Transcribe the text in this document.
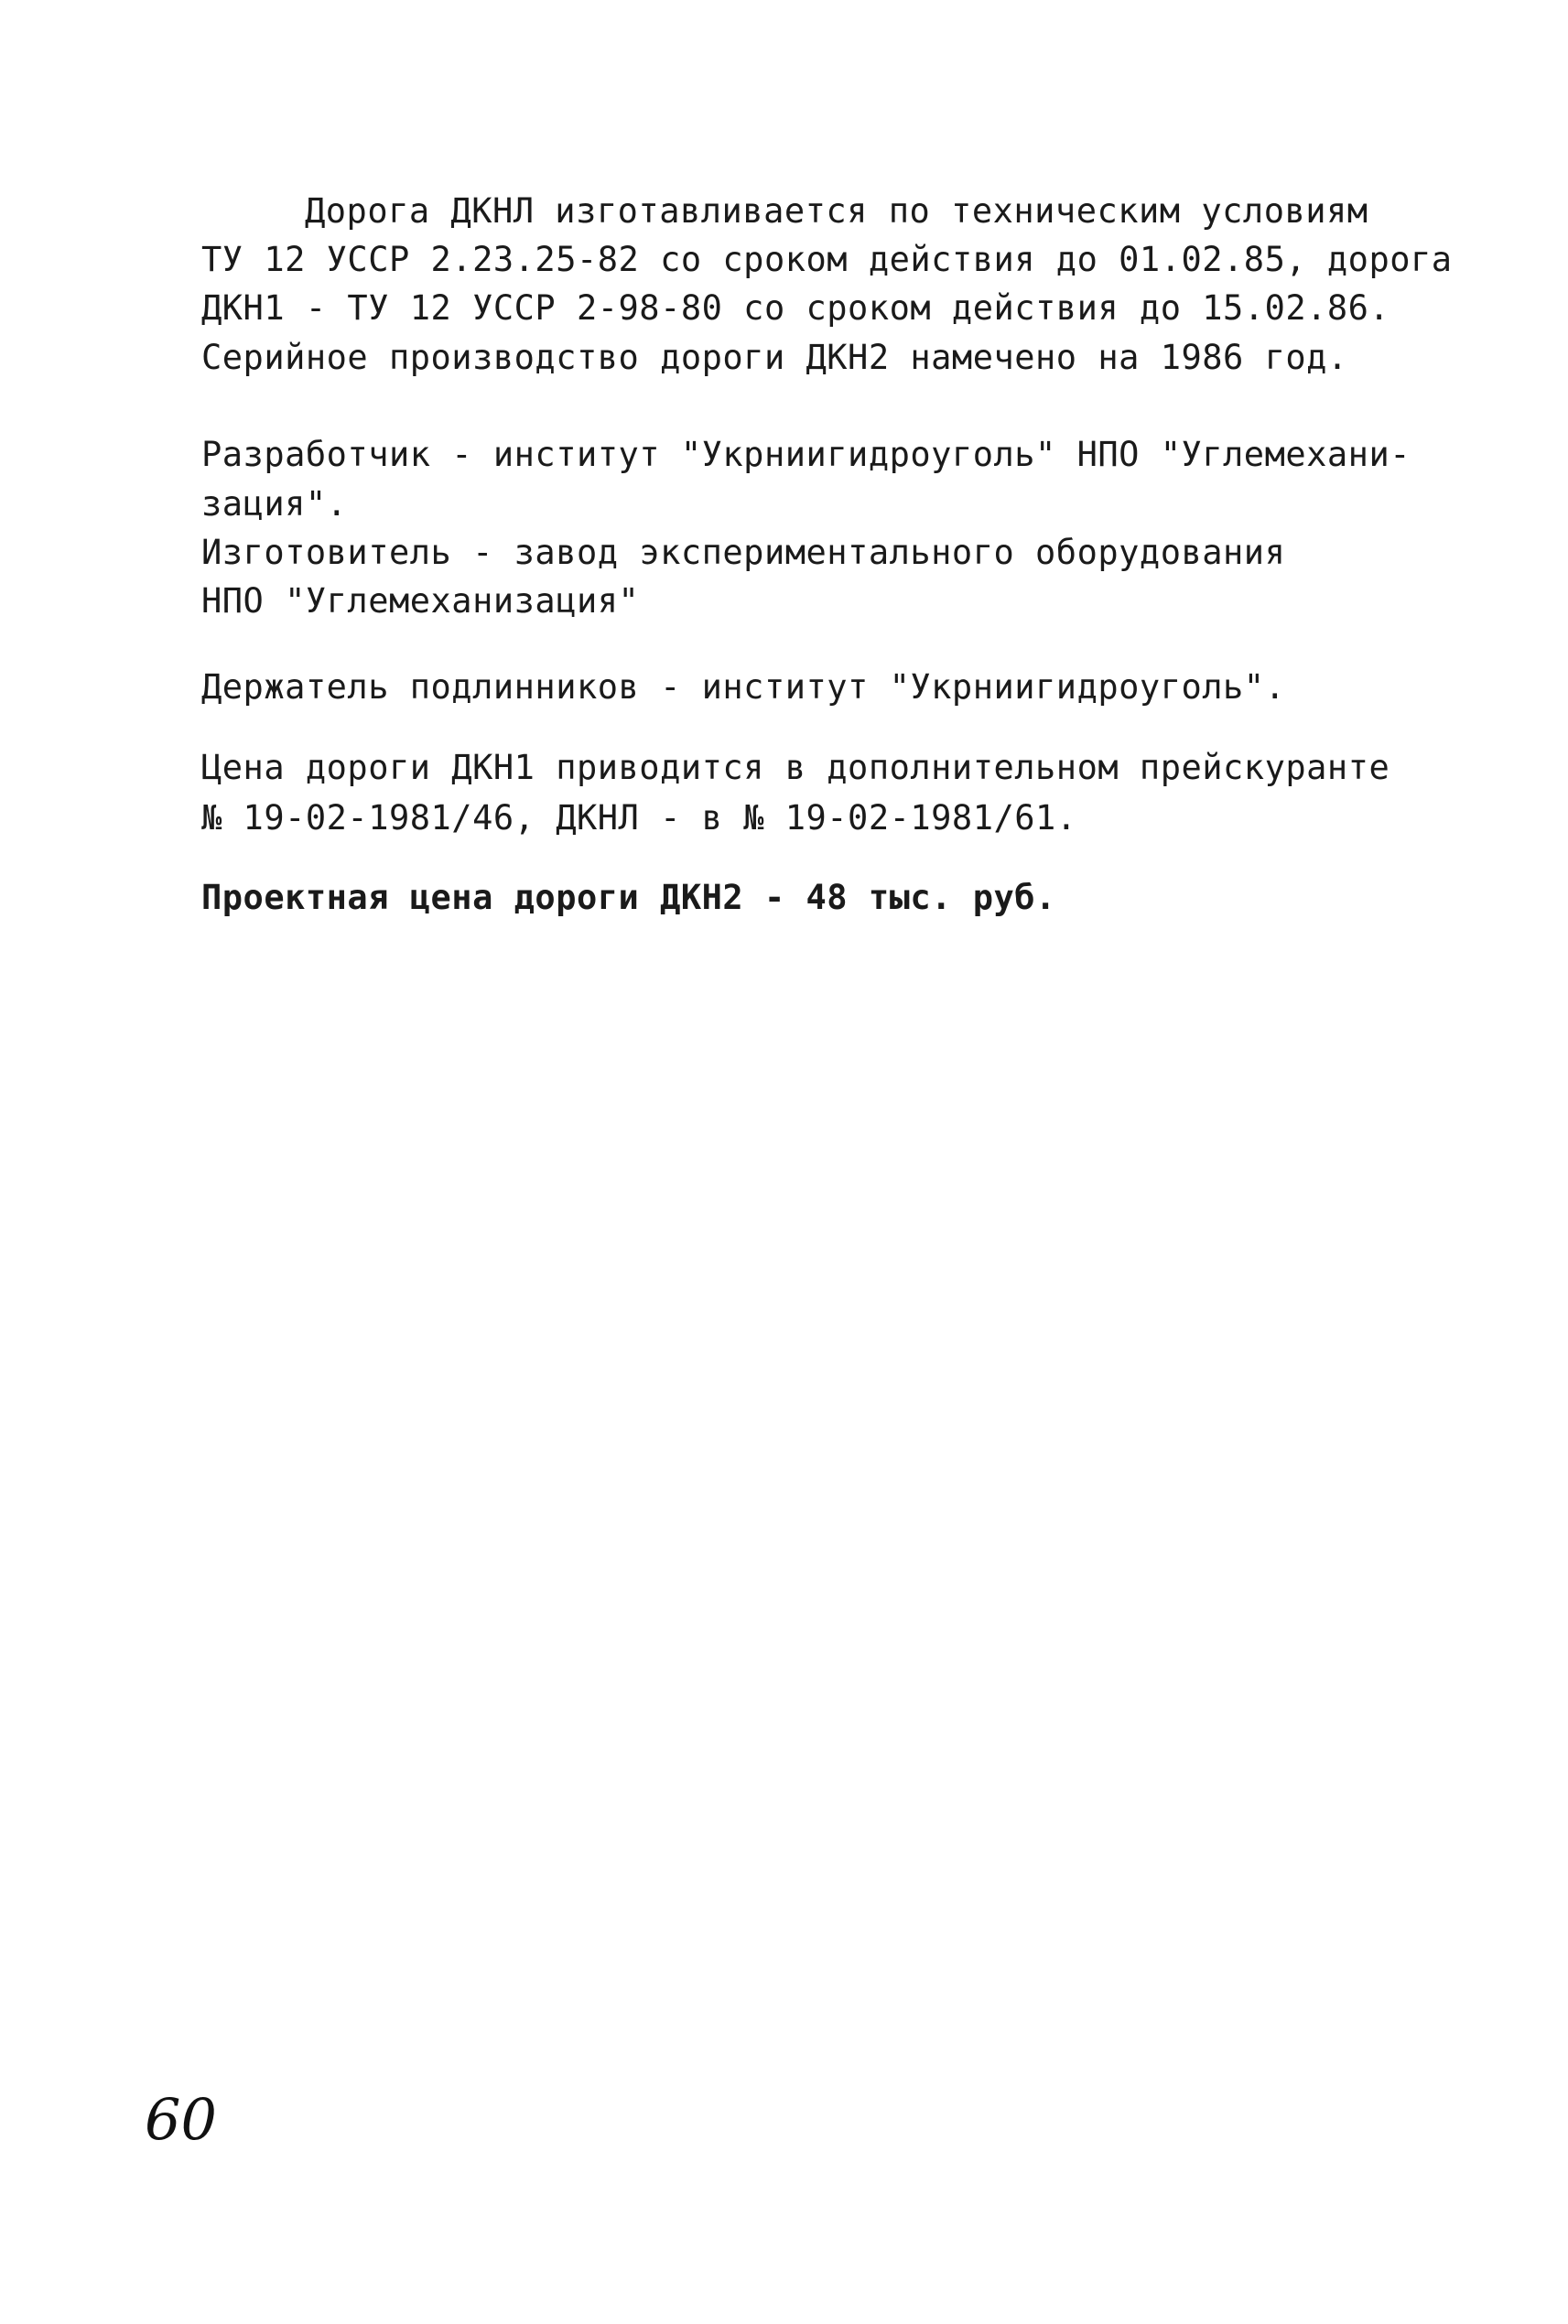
Дорога ДКНЛ изготавливается по техническим условиям
ТУ 12 УССР 2.23.25-82 со сроком действия до 01.02.85, дорога
ДКН1 - ТУ 12 УССР 2-98-80 со сроком действия до 15.02.86.
Серийное производство дороги ДКН2 намечено на 1986 год.
Разработчик - институт "Укрниигидроуголь" НПО "Углемехани-
зация".
Изготовитель - завод экспериментального оборудования
НПО "Углемеханизация"
Держатель подлинников - институт "Укрниигидроуголь".
Цена дороги ДКН1 приводится в дополнительном прейскуранте
№ 19-02-1981/46, ДКНЛ - в № 19-02-1981/61.
Проектная цена дороги ДКН2 - 48 тыс. руб.
60
